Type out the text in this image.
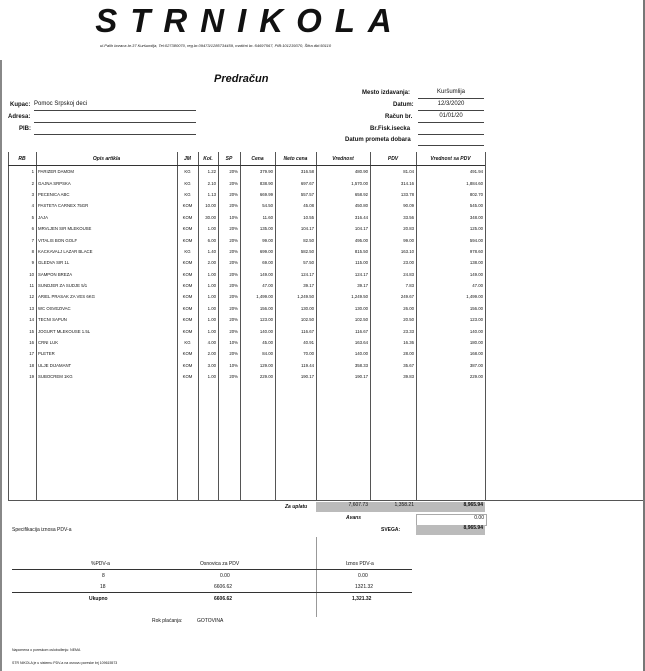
STRNIKOLA
ul.Palih boraca br.37 Kuršumlija, Tel:027380070, reg.br.09473/1285734459, matični br.:54697567, PIB:101239370, Šifra dbl:50110
Predračun
Mesto izdavanja:	Kuršumlija
Datum:	12/3/2020
Račun br.	01/01/20
Br.Fisk.isecka
Datum prometa dobara
Kupac: Pomoc Srpskoj deci
Adresa:
PIB:
RB	Opis artikla	JM	Kol.	SP	Cena	Neto cena	Vrednost	PDV	Vrednost sa PDV
1	PARIZER DAMOM	KG	1.22	20%	379.90	316.58	480.90	81.04	491.94
2	GAJNA SRPSKA	KG	2.10	20%	838.90	697.67	1,570.00	314.16	1,884.60
3	PECENICA ABC	KG	1.13	20%	669.99	557.57	658.92	133.78	802.70
4	PASTETA CARNEX 75GR	KOM	10.00	20%	54.50	45.08	450.80	90.09	545.00
5	JAJA	KOM	30.00	10%	11.60	10.55	316.44	33.56	348.00
6	MRVLJEN SIR MLEKOUSE	KOM	1.00	20%	135.00	104.17	104.17	20.83	125.00
7	VITALIS BON GOLF	KOM	6.00	20%	99.00	82.50	495.00	99.00	594.00
8	KACKAVALJ LAZAR BLACE	KG	1.40	20%	699.00	582.50	815.50	163.10	978.60
9	GLEDVA SIR 1L	KOM	2.00	20%	69.00	57.50	115.00	23.00	138.00
10	SAMPON BREZA	KOM	1.00	20%	149.00	124.17	124.17	24.83	149.00
11	SUNDJER ZA SUDJE 5/1	KOM	1.00	20%	47.00	39.17	39.17	7.83	47.00
12	ARIEL PRASAK ZA VES 6KG	KOM	1.00	20%	1,499.00	1,249.50	1,249.50	249.67	1,499.00
13	WC OSVEZIVAC	KOM	1.00	20%	156.00	130.00	130.00	26.00	156.00
14	TECNI SAPUN	KOM	1.00	20%	123.00	102.50	102.50	20.50	123.00
15	JOGURT MLEKOUSE 1.5L	KOM	1.00	20%	140.00	116.67	116.67	23.33	140.00
16	CRNI LUK	KG	4.00	10%	45.00	40.91	163.64	16.36	180.00
17	PLETER	KOM	2.00	20%	84.00	70.00	140.00	28.00	168.00
18	ULJE DIJAMANT	KOM	3.00	10%	129.00	119.44	358.33	35.67	387.00
19	SUBOCREM 1KG	KOM	1.00	20%	229.00	190.17	190.17	39.83	229.00
Za uplatu	7,607.73	1,358.21	8,965.94
Avans	0.00
SVEGA:	8,965.94
Specifikacija iznosa PDV-a
%PDV-a	Osnovica za PDV	Iznos PDV-a
8	0.00	0.00
18	6606.62	1321.32
Ukupno	6606.62	1,321.32
Rok plaćanja:	GOTOVINA
Napomena o poreskom oslobođenju: NEMA
STR NIKOLA je u sistemu PDV-a na osnovu poreske brj 109615573
